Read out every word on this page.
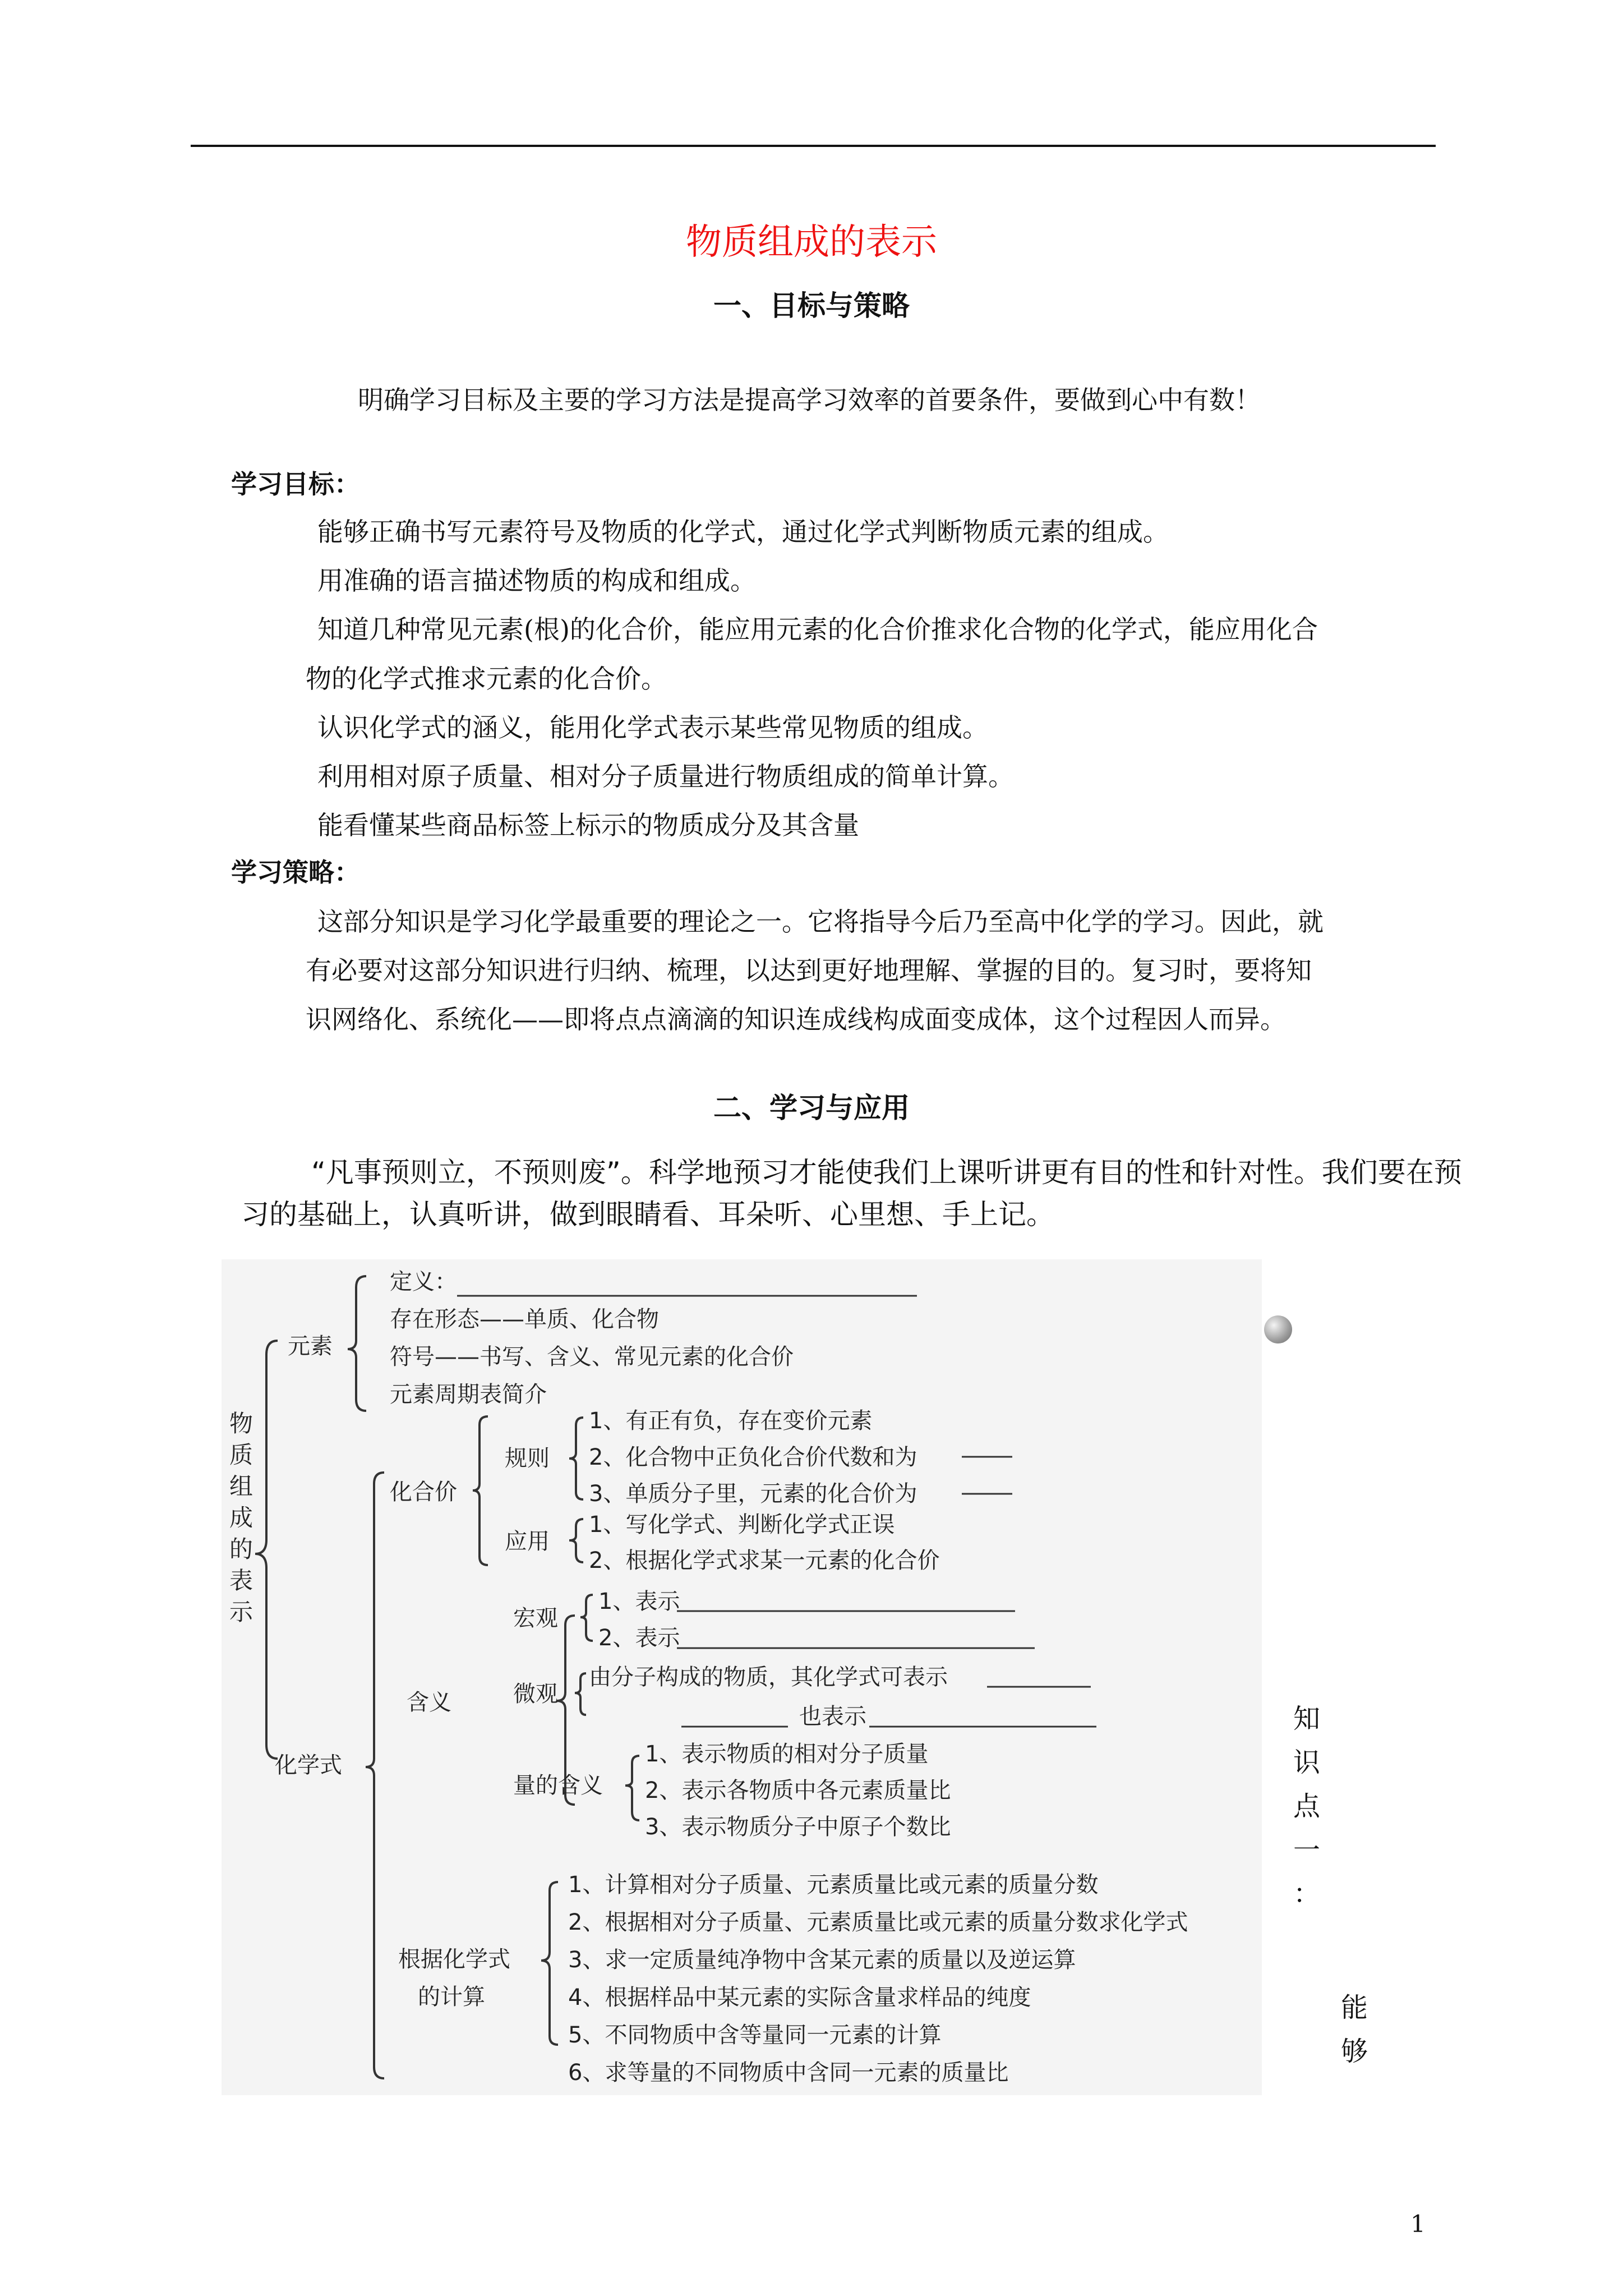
物质组成的表示
一、目标与策略
明确学习目标及主要的学习方法是提高学习效率的首要条件，要做到心中有数！
学习目标：
能够正确书写元素符号及物质的化学式，通过化学式判断物质元素的组成。
用准确的语言描述物质的构成和组成。
知道几种常见元素(根)的化合价，能应用元素的化合价推求化合物的化学式，能应用化合
物的化学式推求元素的化合价。
认识化学式的涵义，能用化学式表示某些常见物质的组成。
利用相对原子质量、相对分子质量进行物质组成的简单计算。
能看懂某些商品标签上标示的物质成分及其含量
学习策略：
这部分知识是学习化学最重要的理论之一。它将指导今后乃至高中化学的学习。因此，就
有必要对这部分知识进行归纳、梳理，以达到更好地理解、掌握的目的。复习时，要将知
识网络化、系统化——即将点点滴滴的知识连成线构成面变成体，这个过程因人而异。
二、学习与应用
“凡事预则立，不预则废”。科学地预习才能使我们上课听讲更有目的性和针对性。我们要在预
习的基础上，认真听讲，做到眼睛看、耳朵听、心里想、手上记。
物质组成的表示
元素
定义：
存在形态——单质、化合物
符号——书写、含义、常见元素的化合价
元素周期表简介
化合价
规则
1、有正有负，存在变价元素
2、化合物中正负化合价代数和为
3、单质分子里，元素的化合价为
应用
1、写化学式、判断化学式正误
2、根据化学式求某一元素的化合价
化学式
含义
宏观
1、表示
2、表示
微观
由分子构成的物质，其化学式可表示
也表示
量的含义
1、表示物质的相对分子质量
2、表示各物质中各元素质量比
3、表示物质分子中原子个数比
根据化学式
的计算
1、计算相对分子质量、元素质量比或元素的质量分数
2、根据相对分子质量、元素质量比或元素的质量分数求化学式
3、求一定质量纯净物中含某元素的质量以及逆运算
4、根据样品中某元素的实际含量求样品的纯度
5、不同物质中含等量同一元素的计算
6、求等量的不同物质中含同一元素的质量比
知
识
点
一
：
能
够
1
